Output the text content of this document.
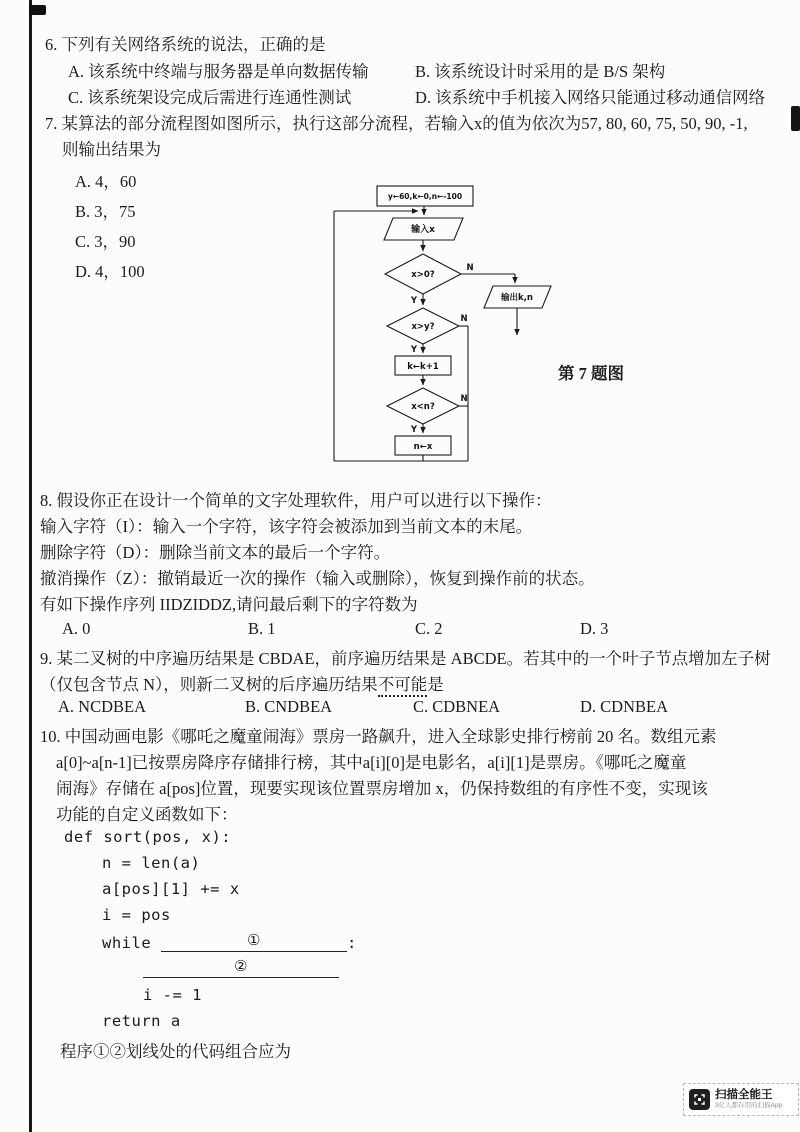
6. 下列有关网络系统的说法，正确的是
A. 该系统中终端与服务器是单向数据传输	B. 该系统设计时采用的是 B/S 架构
C. 该系统架设完成后需进行连通性测试	D. 该系统中手机接入网络只能通过移动通信网络
7. 某算法的部分流程图如图所示，执行这部分流程，若输入x的值为依次为57, 80, 60, 75, 50, 90, -1,
则输出结果为
A. 4，60
B. 3，75
C. 3，90
D. 4，100
第 7 题图
y←60,k←0,n←-100
输入x
x>0?
N
输出k,n
Y
x>y?
N
Y
k←k+1
x<n?
N
Y
n←x
8. 假设你正在设计一个简单的文字处理软件，用户可以进行以下操作：
输入字符（I）：输入一个字符，该字符会被添加到当前文本的末尾。
删除字符（D）：删除当前文本的最后一个字符。
撤消操作（Z）：撤销最近一次的操作（输入或删除），恢复到操作前的状态。
有如下操作序列 IIDZIDDZ,请问最后剩下的字符数为
A. 0	B. 1	C. 2	D. 3
9. 某二叉树的中序遍历结果是 CBDAE，前序遍历结果是 ABCDE。若其中的一个叶子节点增加左子树
（仅包含节点 N），则新二叉树的后序遍历结果不可能是
A. NCDBEA	B. CNDBEA	C. CDBNEA	D. CDNBEA
10. 中国动画电影《哪吒之魔童闹海》票房一路飙升，进入全球影史排行榜前 20 名。数组元素
a[0]~a[n-1]已按票房降序存储排行榜，其中a[i][0]是电影名，a[i][1]是票房。《哪吒之魔童
闹海》存储在 a[pos]位置，现要实现该位置票房增加 x，仍保持数组的有序性不变，实现该
功能的自定义函数如下：
def sort(pos, x):
n = len(a)
a[pos][1] += x
i = pos
while	①	:
②
i -= 1
return a
程序①②划线处的代码组合应为
扫描全能王
3亿人都在用的扫描App
